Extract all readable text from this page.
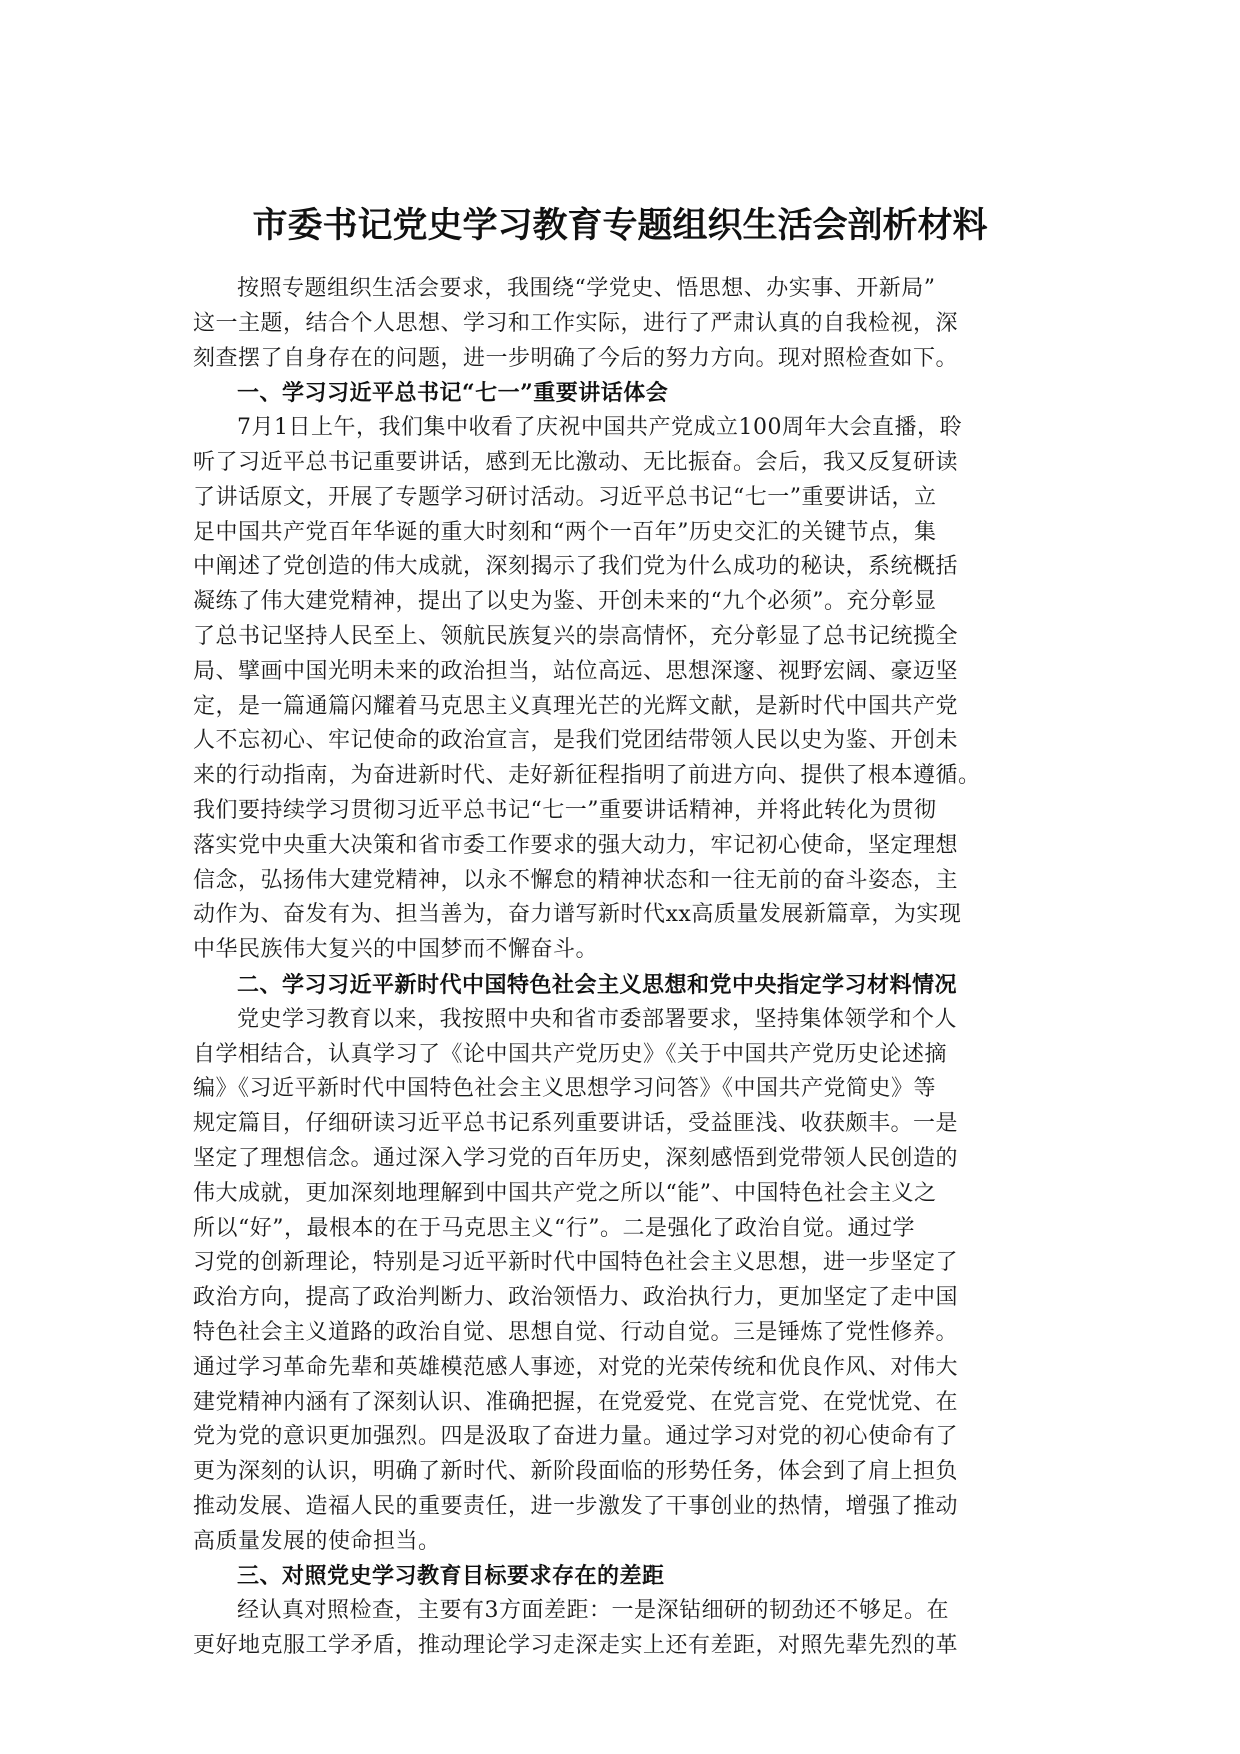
市委书记党史学习教育专题组织生活会剖析材料
按照专题组织生活会要求，我围绕“学党史、悟思想、办实事、开新局”
这一主题，结合个人思想、学习和工作实际，进行了严肃认真的自我检视，深
刻查摆了自身存在的问题，进一步明确了今后的努力方向。现对照检查如下。
一、学习习近平总书记“七一”重要讲话体会
7月1日上午，我们集中收看了庆祝中国共产党成立100周年大会直播，聆
听了习近平总书记重要讲话，感到无比激动、无比振奋。会后，我又反复研读
了讲话原文，开展了专题学习研讨活动。习近平总书记“七一”重要讲话，立
足中国共产党百年华诞的重大时刻和“两个一百年”历史交汇的关键节点，集
中阐述了党创造的伟大成就，深刻揭示了我们党为什么成功的秘诀，系统概括
凝练了伟大建党精神，提出了以史为鉴、开创未来的“九个必须”。充分彰显
了总书记坚持人民至上、领航民族复兴的崇高情怀，充分彰显了总书记统揽全
局、擘画中国光明未来的政治担当，站位高远、思想深邃、视野宏阔、豪迈坚
定，是一篇通篇闪耀着马克思主义真理光芒的光辉文献，是新时代中国共产党
人不忘初心、牢记使命的政治宣言，是我们党团结带领人民以史为鉴、开创未
来的行动指南，为奋进新时代、走好新征程指明了前进方向、提供了根本遵循。
我们要持续学习贯彻习近平总书记“七一”重要讲话精神，并将此转化为贯彻
落实党中央重大决策和省市委工作要求的强大动力，牢记初心使命，坚定理想
信念，弘扬伟大建党精神，以永不懈怠的精神状态和一往无前的奋斗姿态，主
动作为、奋发有为、担当善为，奋力谱写新时代xx高质量发展新篇章，为实现
中华民族伟大复兴的中国梦而不懈奋斗。
二、学习习近平新时代中国特色社会主义思想和党中央指定学习材料情况
党史学习教育以来，我按照中央和省市委部署要求，坚持集体领学和个人
自学相结合，认真学习了《论中国共产党历史》《关于中国共产党历史论述摘
编》《习近平新时代中国特色社会主义思想学习问答》《中国共产党简史》等
规定篇目，仔细研读习近平总书记系列重要讲话，受益匪浅、收获颇丰。一是
坚定了理想信念。通过深入学习党的百年历史，深刻感悟到党带领人民创造的
伟大成就，更加深刻地理解到中国共产党之所以“能”、中国特色社会主义之
所以“好”，最根本的在于马克思主义“行”。二是强化了政治自觉。通过学
习党的创新理论，特别是习近平新时代中国特色社会主义思想，进一步坚定了
政治方向，提高了政治判断力、政治领悟力、政治执行力，更加坚定了走中国
特色社会主义道路的政治自觉、思想自觉、行动自觉。三是锤炼了党性修养。
通过学习革命先辈和英雄模范感人事迹，对党的光荣传统和优良作风、对伟大
建党精神内涵有了深刻认识、准确把握，在党爱党、在党言党、在党忧党、在
党为党的意识更加强烈。四是汲取了奋进力量。通过学习对党的初心使命有了
更为深刻的认识，明确了新时代、新阶段面临的形势任务，体会到了肩上担负
推动发展、造福人民的重要责任，进一步激发了干事创业的热情，增强了推动
高质量发展的使命担当。
三、对照党史学习教育目标要求存在的差距
经认真对照检查，主要有3方面差距：一是深钻细研的韧劲还不够足。在
更好地克服工学矛盾，推动理论学习走深走实上还有差距，对照先辈先烈的革
